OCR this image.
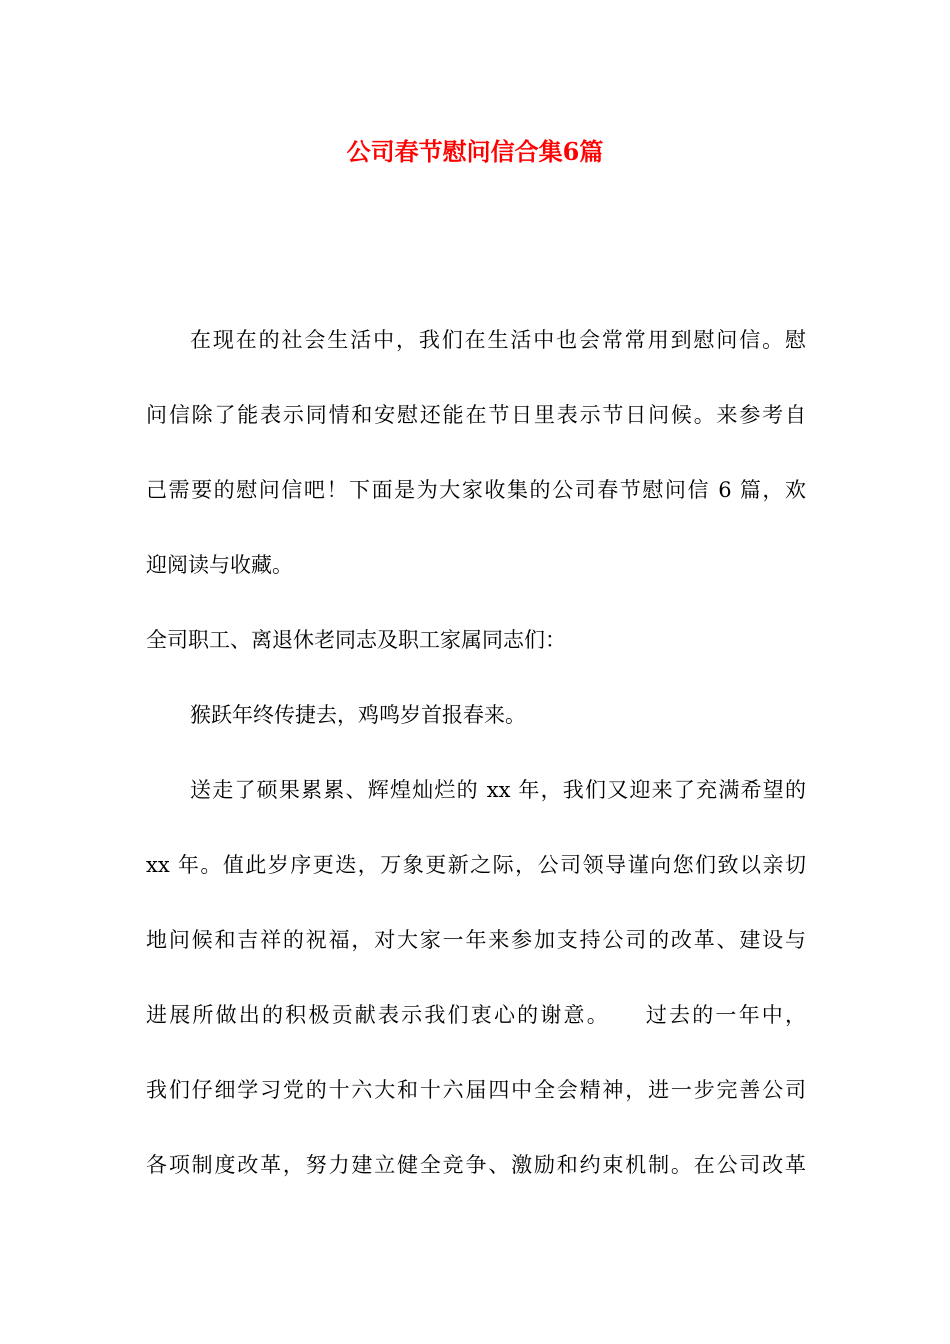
公司春节慰问信合集6篇
在现在的社会生活中，我们在生活中也会常常用到慰问信。慰
问信除了能表示同情和安慰还能在节日里表示节日问候。来参考自
己需要的慰问信吧！下面是为大家收集的公司春节慰问信 6 篇，欢
迎阅读与收藏。
全司职工、离退休老同志及职工家属同志们：
猴跃年终传捷去，鸡鸣岁首报春来。
送走了硕果累累、辉煌灿烂的 xx 年，我们又迎来了充满希望的
xx 年。值此岁序更迭，万象更新之际，公司领导谨向您们致以亲切
地问候和吉祥的祝福，对大家一年来参加支持公司的改革、建设与
进展所做出的积极贡献表示我们衷心的谢意。　　过去的一年中，
我们仔细学习党的十六大和十六届四中全会精神，进一步完善公司
各项制度改革，努力建立健全竞争、激励和约束机制。在公司改革
